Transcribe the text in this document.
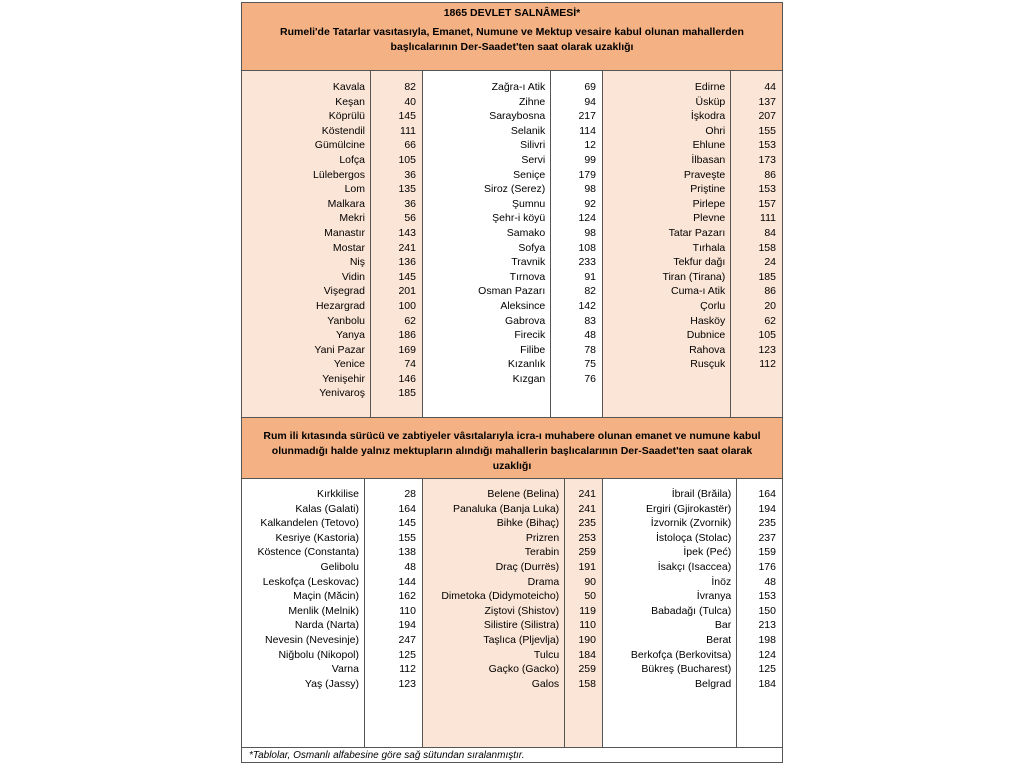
1865 DEVLET SALNÂMESİ*
Rumeli'de Tatarlar vasıtasıyla, Emanet, Numune ve Mektup vesaire kabul olunan mahallerden başlıcalarının Der-Saadet'ten saat olarak uzaklığı
Kavala
Keşan
Köprülü
Köstendil
Gümülcine
Lofça
Lülebergos
Lom
Malkara
Mekri
Manastır
Mostar
Niş
Vidin
Vişegrad
Hezargrad
Yanbolu
Yanya
Yani Pazar
Yenice
Yenişehir
Yenivaroş
82
40
145
111
66
105
36
135
36
56
143
241
136
145
201
100
62
186
169
74
146
185
Zağra-ı Atik
Zihne
Saraybosna
Selanik
Silivri
Servi
Seniçe
Siroz (Serez)
Şumnu
Şehr-i köyü
Samako
Sofya
Travnik
Tırnova
Osman Pazarı
Aleksince
Gabrova
Firecik
Filibe
Kızanlık
Kızgan
69
94
217
114
12
99
179
98
92
124
98
108
233
91
82
142
83
48
78
75
76
Edirne
Üsküp
İşkodra
Ohri
Ehlune
İlbasan
Praveşte
Priştine
Pirlepe
Plevne
Tatar Pazarı
Tırhala
Tekfur dağı
Tiran (Tirana)
Cuma-ı Atik
Çorlu
Hasköy
Dubnice
Rahova
Rusçuk
44
137
207
155
153
173
86
153
157
111
84
158
24
185
86
20
62
105
123
112
Rum ili kıtasında sürücü ve zabtiyeler vâsıtalarıyla icra-ı muhabere olunan emanet ve numune kabul olunmadığı halde yalnız mektupların alındığı mahallerin başlıcalarının Der-Saadet'ten saat olarak uzaklığı
Kırkkilise
Kalas (Galati)
Kalkandelen (Tetovo)
Kesriye (Kastoria)
Köstence (Constanta)
Gelibolu
Leskofça (Leskovac)
Maçin (Măcin)
Menlik (Melnik)
Narda (Narta)
Nevesin (Nevesinje)
Niğbolu (Nikopol)
Varna
Yaş (Jassy)
28
164
145
155
138
48
144
162
110
194
247
125
112
123
Belene (Belina)
Panaluka (Banja Luka)
Bihke (Bihaç)
Prizren
Terabin
Draç (Durrës)
Drama
Dimetoka (Didymoteicho)
Ziştovi (Shistov)
Silistire (Silistra)
Taşlıca (Pljevlja)
Tulcu
Gaçko (Gacko)
Galos
241
241
235
253
259
191
90
50
119
110
190
184
259
158
İbrail (Brăila)
Ergiri (Gjirokastër)
İzvornik (Zvornik)
İstoloça (Stolac)
İpek (Peć)
İsakçı (Isaccea)
İnöz
İvranya
Babadağı (Tulca)
Bar
Berat
Berkofça (Berkovitsa)
Bükreş (Bucharest)
Belgrad
164
194
235
237
159
176
48
153
150
213
198
124
125
184
*Tablolar, Osmanlı alfabesine göre sağ sütundan sıralanmıştır.
